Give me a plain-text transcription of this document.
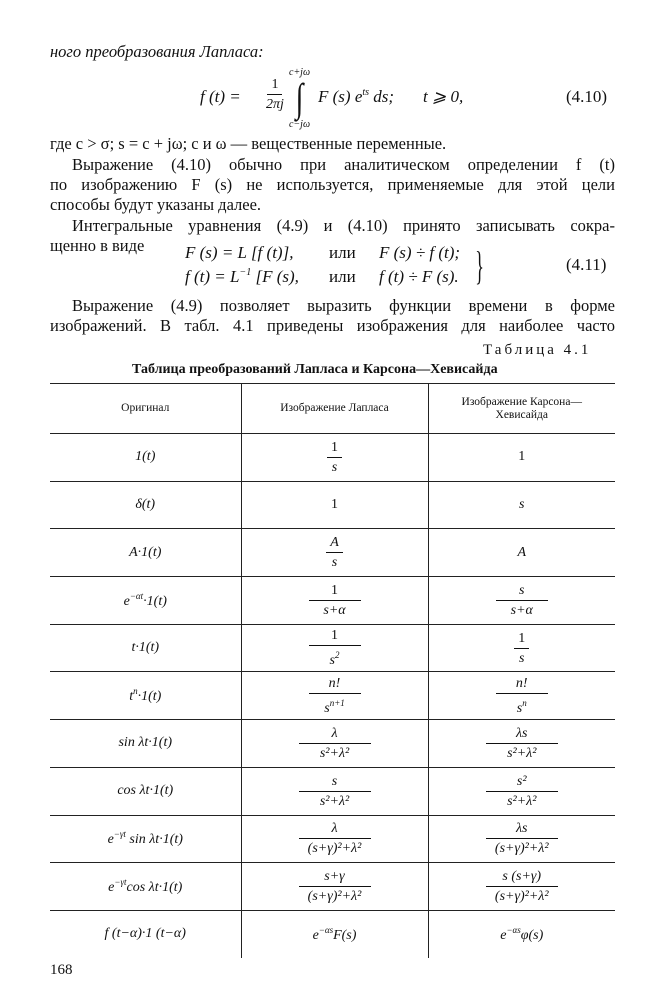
ного преобразования Лапласа:
c+jω
∫
c−jω
f $(t) = \frac{1}{2\pi j}$ F (s) $e^{ts}$ ds; t ⩾ 0,	(4.10)
где c > σ; s = c + jω; c и ω — вещественные переменные.
Выражение (4.10) обычно при аналитическом определении f (t)
по изображению F (s) не используется, применяемые для этой цели
способы будут указаны далее.
Интегральные уравнения (4.9) и (4.10) принято записывать сокра-
щенно в виде F (s) = L [f (t)], или F (s) ÷ f (t);
f $(t) = L^{-1}$ [F (s), или f (t) ÷ F (s). }	(4.11)
Выражение (4.9) позволяет выразить функции времени в форме
изображений. В табл. 4.1 приведены изображения для наиболее часто
Таблица 4.1
Таблица преобразований Лапласа и Карсона—Хевисайда
Оригинал	Изображение Лапласа	Изображение Карсона—Хевисайда
1(t)	$\frac{1}{s}$	1
δ(t)	1	s
A·1(t)	$\frac{A}{s}$	A
$e^{-\alpha t}\cdot 1(t)$	$\frac{1}{s+\alpha}$	$\frac{s}{s+\alpha}$

t·1(t)	$\frac{1}{s^2}$	$\frac{1}{s}$

$t^n\cdot 1(t)$	$\frac{n!}{s^{n+1}}$	$\frac{n!}{s^n}$

sin λt·1(t)	$\frac{\lambda}{\text{s²+λ²}}$	$\frac{\lambda s}{\text{s²+λ²}}$

cos λt·1(t)	$\frac{s}{\text{s²+λ²}}$	$\frac{\text{s²}}{\text{s²+λ²}}$

$e^{-\gamma t}$ sin λt·1(t)	$\frac{\lambda}{\text{(s+γ)²+λ²}}$	$\frac{\lambda s}{\text{(s+γ)²+λ²}}$

$e^{-\gamma t}\cos$ λt·1(t)	$\frac{s+\gamma}{\text{(s+γ)²+λ²}}$	$\frac{s (s+\gamma)}{\text{(s+γ)²+λ²}}$

f (t−α)·1 (t−α)	$e^{-\alpha s}F(s)$	$e^{-\alpha s}\varphi(s)$
168
